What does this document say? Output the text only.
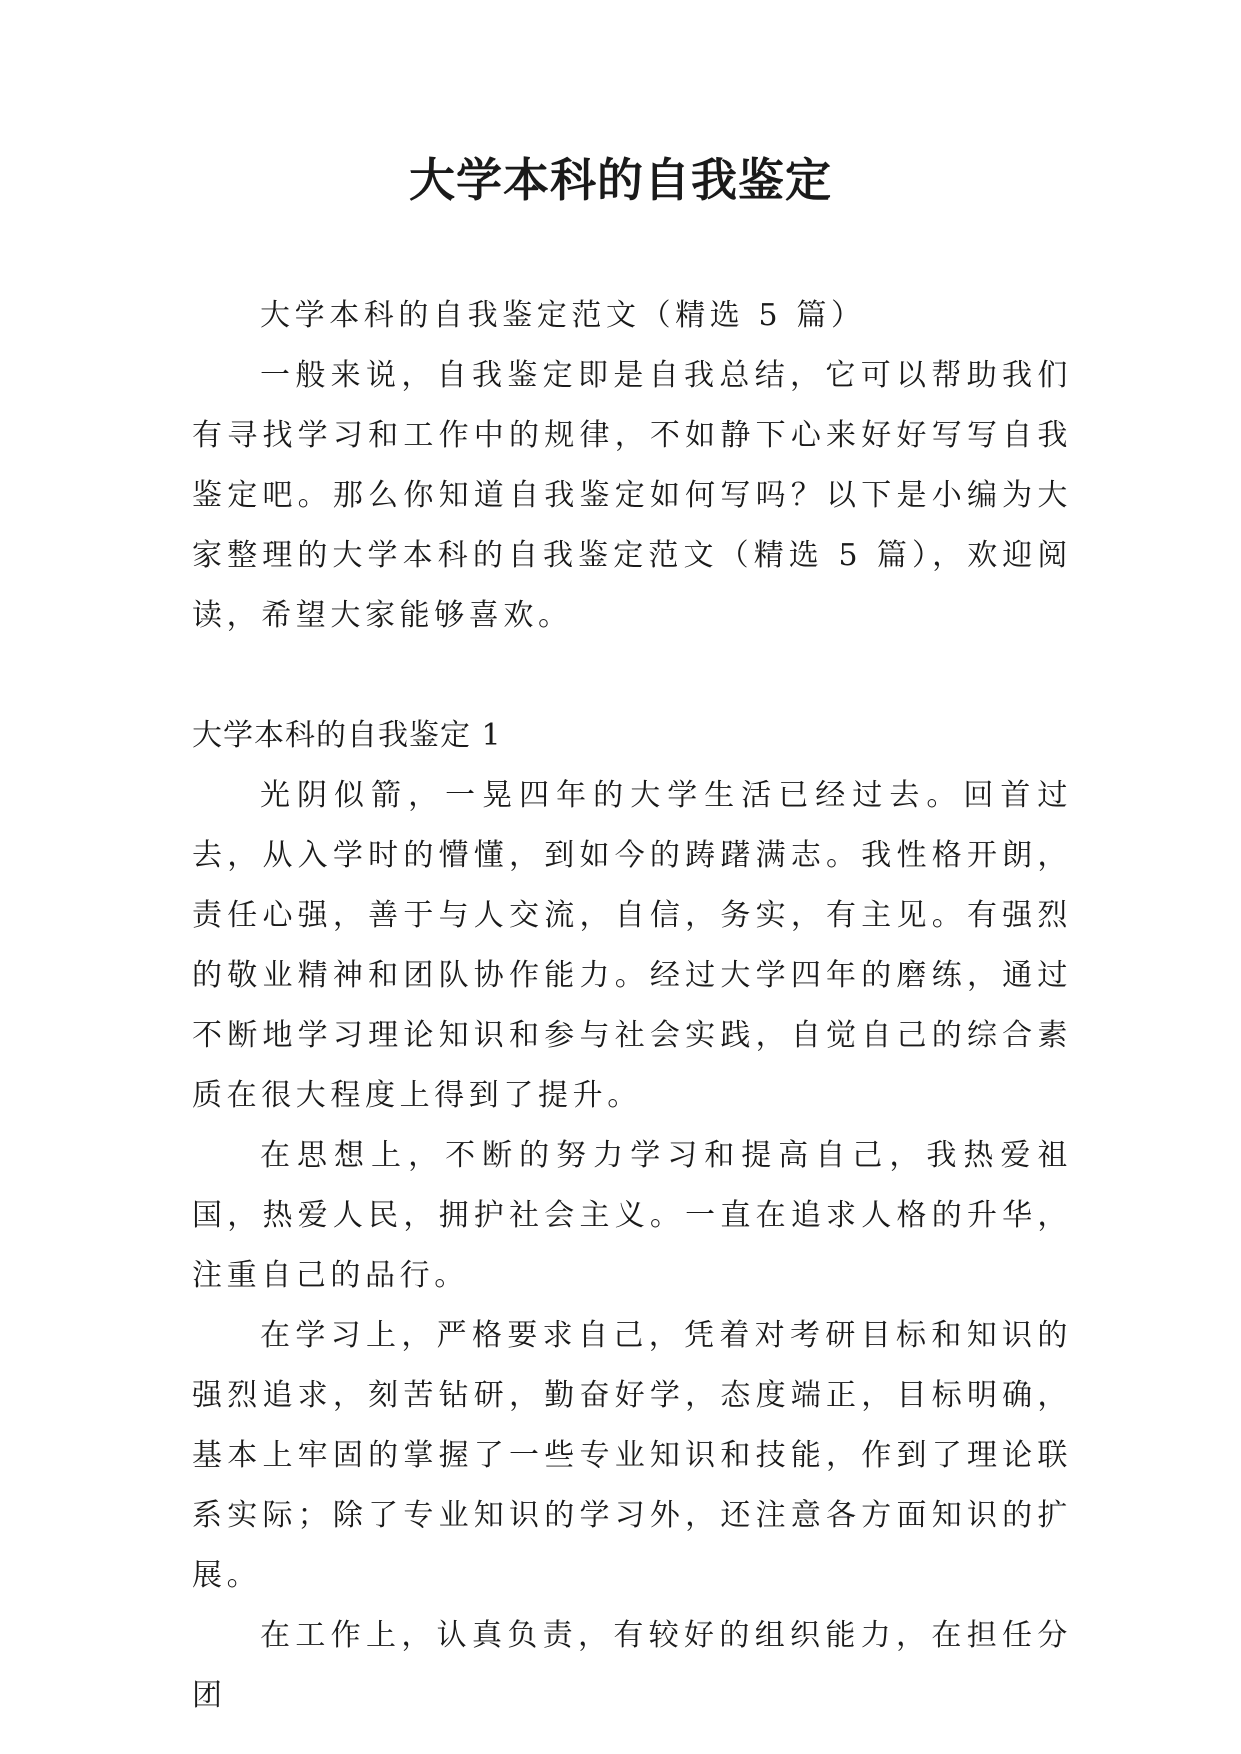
大学本科的自我鉴定

大学本科的自我鉴定范文（精选 5 篇）

一般来说，自我鉴定即是自我总结，它可以帮助我们有寻找学习和工作中的规律，不如静下心来好好写写自我鉴定吧。那么你知道自我鉴定如何写吗？以下是小编为大家整理的大学本科的自我鉴定范文（精选 5 篇），欢迎阅读，希望大家能够喜欢。

大学本科的自我鉴定 1

光阴似箭，一晃四年的大学生活已经过去。回首过去，从入学时的懵懂，到如今的踌躇满志。我性格开朗，责任心强，善于与人交流，自信，务实，有主见。有强烈的敬业精神和团队协作能力。经过大学四年的磨练，通过不断地学习理论知识和参与社会实践，自觉自己的综合素质在很大程度上得到了提升。

在思想上，不断的努力学习和提高自己，我热爱祖国，热爱人民，拥护社会主义。一直在追求人格的升华，注重自己的品行。

在学习上，严格要求自己，凭着对考研目标和知识的强烈追求，刻苦钻研，勤奋好学，态度端正，目标明确，基本上牢固的掌握了一些专业知识和技能，作到了理论联系实际；除了专业知识的学习外，还注意各方面知识的扩展。

在工作上，认真负责，有较好的组织能力，在担任分团
